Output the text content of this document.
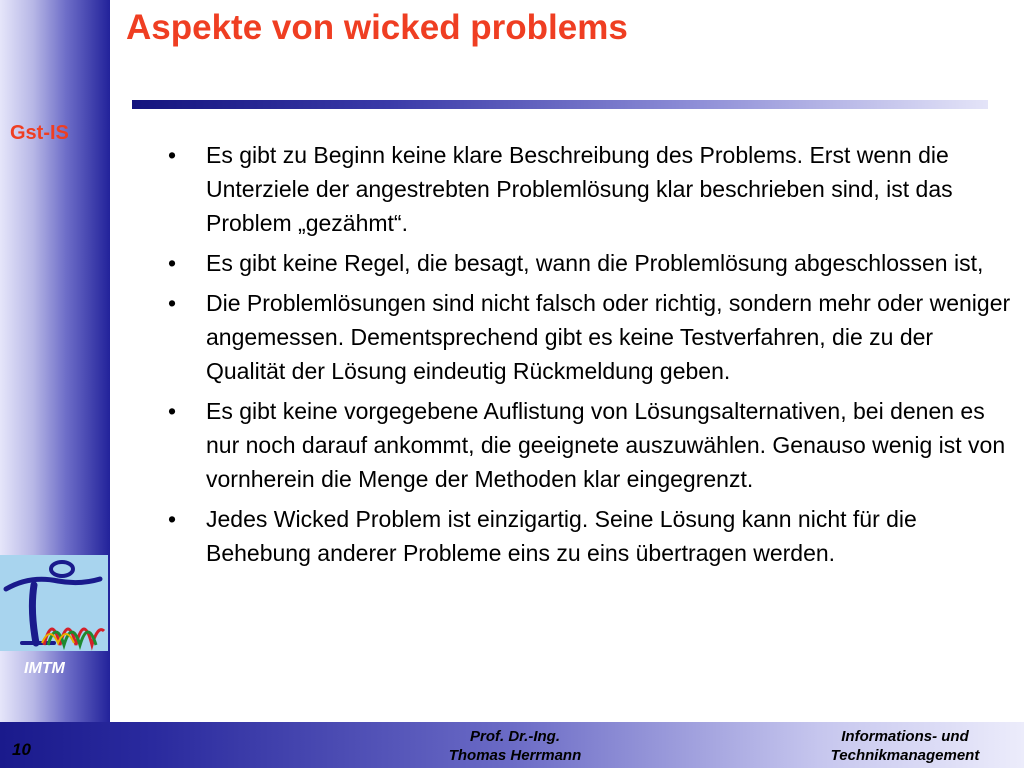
Aspekte von wicked problems
Gst-IS
IMTM
•	Es gibt zu Beginn keine klare Beschreibung des Problems. Erst wenn die Unterziele der angestrebten Problemlösung klar beschrieben sind, ist das Problem „gezähmt“.
•	Es gibt keine Regel, die besagt, wann die Problemlösung abgeschlossen ist,
•	Die Problemlösungen sind nicht falsch oder richtig, sondern mehr oder weniger angemessen. Dementsprechend gibt es keine Testverfahren, die zu der Qualität der Lösung eindeutig Rückmeldung geben.
•	Es gibt keine vorgegebene Auflistung von Lösungsalternativen, bei denen es nur noch darauf ankommt, die geeignete auszuwählen. Genauso wenig ist von vornherein die Menge der Methoden klar eingegrenzt.
•	Jedes Wicked Problem ist einzigartig. Seine Lösung kann nicht für die Behebung anderer Probleme eins zu eins übertragen werden.
10
Prof. Dr.-Ing.
Thomas Herrmann
Informations- und
Technikmanagement
